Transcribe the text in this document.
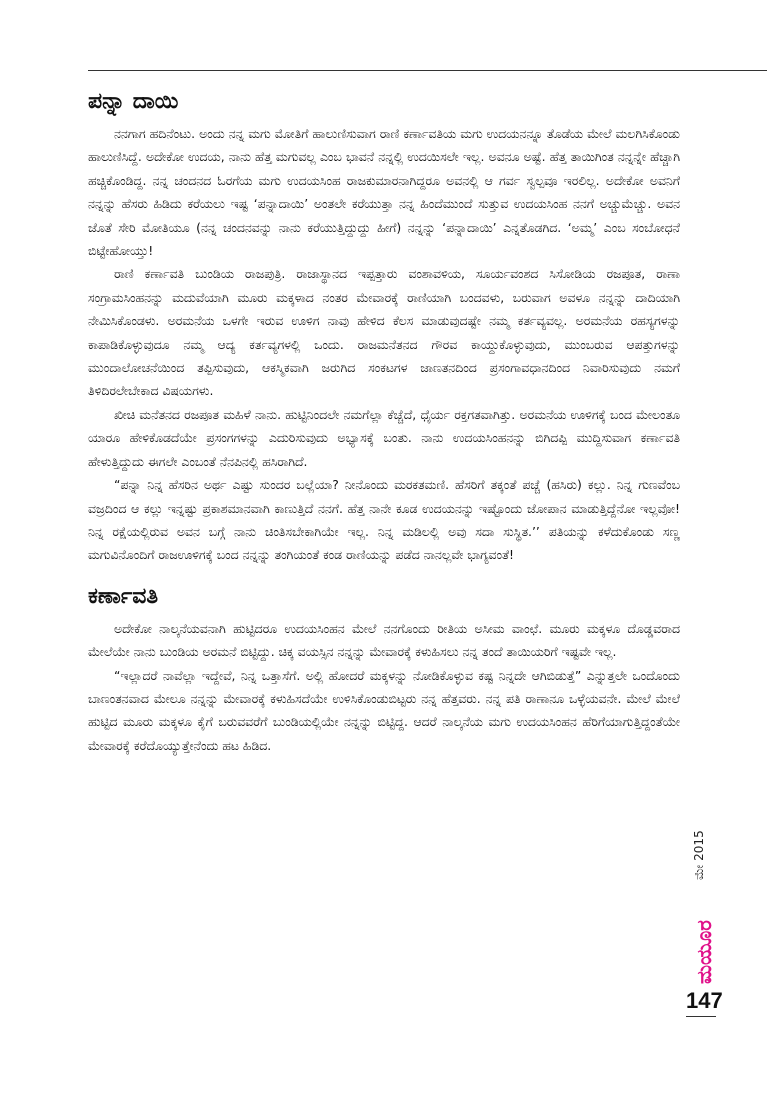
ಪನ್ನಾ ದಾಯಿ

ನನಗಾಗ ಹದಿನೆಂಟು. ಅಂದು ನನ್ನ ಮಗು ಮೋತಿಗೆ ಹಾಲುಣಿಸುವಾಗ ರಾಣಿ ಕರ್ಣಾವತಿಯ ಮಗು ಉದಯನನ್ನೂ ತೊಡೆಯ ಮೇಲೆ ಮಲಗಿಸಿಕೊಂಡು ಹಾಲುಣಿಸಿದ್ದೆ. ಅದೇಕೋ ಉದಯ, ನಾನು ಹೆತ್ತ ಮಗುವಲ್ಲ ಎಂಬ ಭಾವನೆ ನನ್ನಲ್ಲಿ ಉದಯಿಸಲೇ ಇಲ್ಲ. ಅವನೂ ಅಷ್ಟೆ. ಹೆತ್ತ ತಾಯಿಗಿಂತ ನನ್ನನ್ನೇ ಹೆಚ್ಚಾಗಿ ಹಚ್ಚಿಕೊಂಡಿದ್ದ. ನನ್ನ ಚಂದನದ ಓರಗೆಯ ಮಗು ಉದಯಸಿಂಹ ರಾಜಕುಮಾರನಾಗಿದ್ದರೂ ಅವನಲ್ಲಿ ಆ ಗರ್ವ ಸ್ವಲ್ಪವೂ ಇರಲಿಲ್ಲ. ಅದೇಕೋ ಅವನಿಗೆ ನನ್ನನ್ನು ಹೆಸರು ಹಿಡಿದು ಕರೆಯಲು ಇಷ್ಟ ‘ಪನ್ನಾದಾಯಿ’ ಅಂತಲೇ ಕರೆಯುತ್ತಾ ನನ್ನ ಹಿಂದೆಮುಂದೆ ಸುತ್ತುವ ಉದಯಸಿಂಹ ನನಗೆ ಅಚ್ಚುಮೆಚ್ಚು. ಅವನ ಜೊತೆ ಸೇರಿ ಮೋತಿಯೂ (ನನ್ನ ಚಂದನವನ್ನು ನಾನು ಕರೆಯುತ್ತಿದ್ದುದ್ದು ಹೀಗೆ) ನನ್ನನ್ನು ‘ಪನ್ನಾದಾಯಿ’ ಎನ್ನತೊಡಗಿದ. ‘ಅಮ್ಮ’ ಎಂಬ ಸಂಬೋಧನೆ ಬಿಟ್ಟೇಹೋಯ್ತು!

ರಾಣಿ ಕರ್ಣಾವತಿ ಬುಂಡಿಯ ರಾಜಪುತ್ರಿ. ರಾಜಾಸ್ಥಾನದ ಇಪ್ಪತ್ತಾರು ವಂಶಾವಳಿಯ, ಸೂರ್ಯವಂಶದ ಸಿಸೋಡಿಯ ರಜಪೂತ, ರಾಣಾ ಸಂಗ್ರಾಮಸಿಂಹನನ್ನು ಮದುವೆಯಾಗಿ ಮೂರು ಮಕ್ಕಳಾದ ನಂತರ ಮೇವಾರಕ್ಕೆ ರಾಣಿಯಾಗಿ ಬಂದವಳು, ಬರುವಾಗ ಅವಳೂ ನನ್ನನ್ನು ದಾದಿಯಾಗಿ ನೇಮಿಸಿಕೊಂಡಳು. ಅರಮನೆಯ ಒಳಗೇ ಇರುವ ಊಳಿಗ ನಾವು ಹೇಳಿದ ಕೆಲಸ ಮಾಡುವುದಷ್ಟೇ ನಮ್ಮ ಕರ್ತವ್ಯವಲ್ಲ. ಅರಮನೆಯ ರಹಸ್ಯಗಳನ್ನು ಕಾಪಾಡಿಕೊಳ್ಳುವುದೂ ನಮ್ಮ ಆದ್ಯ ಕರ್ತವ್ಯಗಳಲ್ಲಿ ಒಂದು. ರಾಜಮನೆತನದ ಗೌರವ ಕಾಯ್ದುಕೊಳ್ಳುವುದು, ಮುಂಬರುವ ಆಪತ್ತುಗಳನ್ನು ಮುಂದಾಲೋಚನೆಯಿಂದ ತಪ್ಪಿಸುವುದು, ಆಕಸ್ಮಿಕವಾಗಿ ಜರುಗಿದ ಸಂಕಟಗಳ ಜಾಣತನದಿಂದ ಪ್ರಸಂಗಾವಧಾನದಿಂದ ನಿವಾರಿಸುವುದು ನಮಗೆ ತಿಳಿದಿರಲೇಬೇಕಾದ ವಿಷಯಗಳು.

ಖೀಚಿ ಮನೆತನದ ರಜಪೂತ ಮಹಿಳೆ ನಾನು. ಹುಟ್ಟಿನಿಂದಲೇ ನಮಗೆಲ್ಲಾ ಕೆಚ್ಚೆದೆ, ಧೈರ್ಯ ರಕ್ತಗತವಾಗಿತ್ತು. ಅರಮನೆಯ ಊಳಿಗಕ್ಕೆ ಬಂದ ಮೇಲಂತೂ ಯಾರೂ ಹೇಳಿಕೊಡದೆಯೇ ಪ್ರಸಂಗಗಳನ್ನು ಎದುರಿಸುವುದು ಅಭ್ಯಾಸಕ್ಕೆ ಬಂತು. ನಾನು ಉದಯಸಿಂಹನನ್ನು ಬಿಗಿದಪ್ಪಿ ಮುದ್ದಿಸುವಾಗ ಕರ್ಣಾವತಿ ಹೇಳುತ್ತಿದ್ದುದು ಈಗಲೇ ಎಂಬಂತೆ ನೆನಪಿನಲ್ಲಿ ಹಸಿರಾಗಿದೆ.

“ಪನ್ನಾ ನಿನ್ನ ಹೆಸರಿನ ಅರ್ಥ ಎಷ್ಟು ಸುಂದರ ಬಲ್ಲೆಯಾ? ನೀನೊಂದು ಮರಕತಮಣಿ. ಹೆಸರಿಗೆ ತಕ್ಕಂತೆ ಪಚ್ಚೆ (ಹಸಿರು) ಕಲ್ಲು. ನಿನ್ನ ಗುಣವೆಂಬ ವಜ್ರದಿಂದ ಆ ಕಲ್ಲು ಇನ್ನಷ್ಟು ಪ್ರಕಾಶಮಾನವಾಗಿ ಕಾಣುತ್ತಿದೆ ನನಗೆ. ಹೆತ್ತ ನಾನೇ ಕೂಡ ಉದಯನನ್ನು ಇಷ್ಟೊಂದು ಜೋಪಾನ ಮಾಡುತ್ತಿದ್ದೆನೋ ಇಲ್ಲವೋ! ನಿನ್ನ ರಕ್ಷೆಯಲ್ಲಿರುವ ಅವನ ಬಗ್ಗೆ ನಾನು ಚಿಂತಿಸಬೇಕಾಗಿಯೇ ಇಲ್ಲ. ನಿನ್ನ ಮಡಿಲಲ್ಲಿ ಅವು ಸದಾ ಸುಸ್ಥಿತ.’’ ಪತಿಯನ್ನು ಕಳೆದುಕೊಂಡು ಸಣ್ಣ ಮಗುವಿನೊಂದಿಗೆ ರಾಜಊಳಿಗಕ್ಕೆ ಬಂದ ನನ್ನನ್ನು ತಂಗಿಯಂತೆ ಕಂಡ ರಾಣಿಯನ್ನು ಪಡೆದ ನಾನಲ್ಲವೇ ಭಾಗ್ಯವಂತೆ!

ಕರ್ಣಾವತಿ

ಅದೇಕೋ ನಾಲ್ಕನೆಯವನಾಗಿ ಹುಟ್ಟಿದರೂ ಉದಯಸಿಂಹನ ಮೇಲೆ ನನಗೊಂದು ರೀತಿಯ ಅಸೀಮ ವಾಂಛೆ. ಮೂರು ಮಕ್ಕಳೂ ದೊಡ್ಡವರಾದ ಮೇಲೆಯೇ ನಾನು ಬುಂಡಿಯ ಅರಮನೆ ಬಿಟ್ಟಿದ್ದು. ಚಿಕ್ಕ ವಯಸ್ಸಿನ ನನ್ನನ್ನು ಮೇವಾರಕ್ಕೆ ಕಳುಹಿಸಲು ನನ್ನ ತಂದೆ ತಾಯಿಯರಿಗೆ ಇಷ್ಟವೇ ಇಲ್ಲ.

“ಇಲ್ಲಾದರೆ ನಾವೆಲ್ಲಾ ಇದ್ದೇವೆ, ನಿನ್ನ ಒತ್ತಾಸೆಗೆ. ಅಲ್ಲಿ ಹೋದರೆ ಮಕ್ಕಳನ್ನು ನೋಡಿಕೊಳ್ಳುವ ಕಷ್ಟ ನಿನ್ನದೇ ಆಗಿಬಿಡುತ್ತೆ” ಎನ್ನುತ್ತಲೇ ಒಂದೊಂದು ಬಾಣಂತನವಾದ ಮೇಲೂ ನನ್ನನ್ನು ಮೇವಾರಕ್ಕೆ ಕಳುಹಿಸದೆಯೇ ಉಳಿಸಿಕೊಂಡುಬಿಟ್ಟರು ನನ್ನ ಹೆತ್ತವರು. ನನ್ನ ಪತಿ ರಾಣಾನೂ ಒಳ್ಳೆಯವನೇ. ಮೇಲೆ ಮೇಲೆ ಹುಟ್ಟಿದ ಮೂರು ಮಕ್ಕಳೂ ಕೈಗೆ ಬರುವವರೆಗೆ ಬುಂಡಿಯಲ್ಲಿಯೇ ನನ್ನನ್ನು ಬಿಟ್ಟಿದ್ದ. ಆದರೆ ನಾಲ್ಕನೆಯ ಮಗು ಉದಯಸಿಂಹನ ಹೆರಿಗೆಯಾಗುತ್ತಿದ್ದಂತೆಯೇ ಮೇವಾರಕ್ಕೆ ಕರೆದೊಯ್ಯುತ್ತೇನೆಂದು ಹಟ ಹಿಡಿದ.

ಮೇ 2015
ಮಯೂರ
147
